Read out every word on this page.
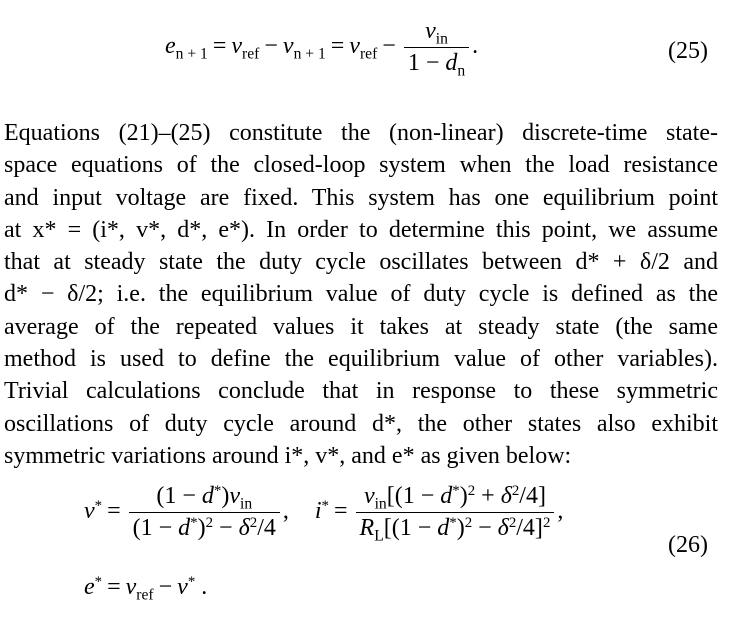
$e_{n + 1} = v_{ref} - v_{n + 1} = v_{ref} - \frac{v_{in}}{1 - d_n}$ .	(25)
Equations (21)–(25) constitute the (non-linear) discrete-time state-
space equations of the closed-loop system when the load resistance
and input voltage are fixed. This system has one equilibrium point
at x* = (i*, v*, d*, e*). In order to determine this point, we assume
that at steady state the duty cycle oscillates between d* + δ/2 and
d* − δ/2; i.e. the equilibrium value of duty cycle is defined as the
average of the repeated values it takes at steady state (the same
method is used to define the equilibrium value of other variables).
Trivial calculations conclude that in response to these symmetric
oscillations of duty cycle around d*, the other states also exhibit
symmetric variations around i*, v*, and e* as given below:
$v^* = \frac{(1 - d^*)v_{in}}{(1 - d^*)^2 - \delta^2/4}$ , $i^* = \frac{v_{in}[(1 - d^*)^2 + \delta^2/4]}{R_L[(1 - d^*)^2 - \delta^2/4]^2}$ ,
(26)
$e^* = v_{ref} - v^*$ .
